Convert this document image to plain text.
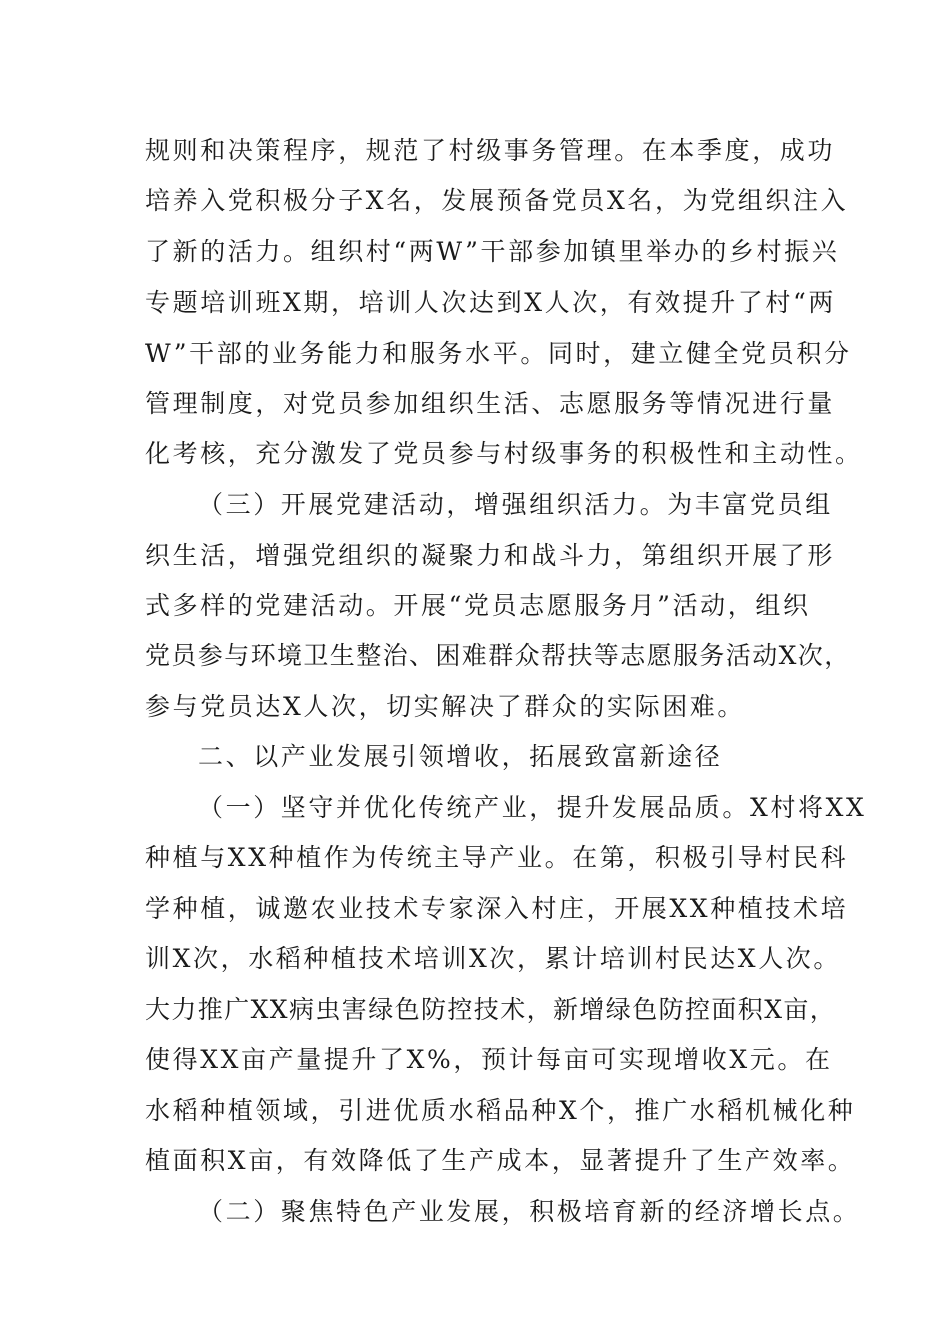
规则和决策程序，规范了村级事务管理。在本季度，成功
培养入党积极分子X名，发展预备党员X名，为党组织注入
了新的活力。组织村“两W”干部参加镇里举办的乡村振兴
专题培训班X期，培训人次达到X人次，有效提升了村“两
W”干部的业务能力和服务水平。同时，建立健全党员积分
管理制度，对党员参加组织生活、志愿服务等情况进行量
化考核，充分激发了党员参与村级事务的积极性和主动性。
（三）开展党建活动，增强组织活力。为丰富党员组
织生活，增强党组织的凝聚力和战斗力，第组织开展了形
式多样的党建活动。开展“党员志愿服务月”活动，组织
党员参与环境卫生整治、困难群众帮扶等志愿服务活动X次，
参与党员达X人次，切实解决了群众的实际困难。
二、以产业发展引领增收，拓展致富新途径
（一）坚守并优化传统产业，提升发展品质。X村将XX
种植与XX种植作为传统主导产业。在第，积极引导村民科
学种植，诚邀农业技术专家深入村庄，开展XX种植技术培
训X次，水稻种植技术培训X次，累计培训村民达X人次。
大力推广XX病虫害绿色防控技术，新增绿色防控面积X亩，
使得XX亩产量提升了X%，预计每亩可实现增收X元。在
水稻种植领域，引进优质水稻品种X个，推广水稻机械化种
植面积X亩，有效降低了生产成本，显著提升了生产效率。
（二）聚焦特色产业发展，积极培育新的经济增长点。
